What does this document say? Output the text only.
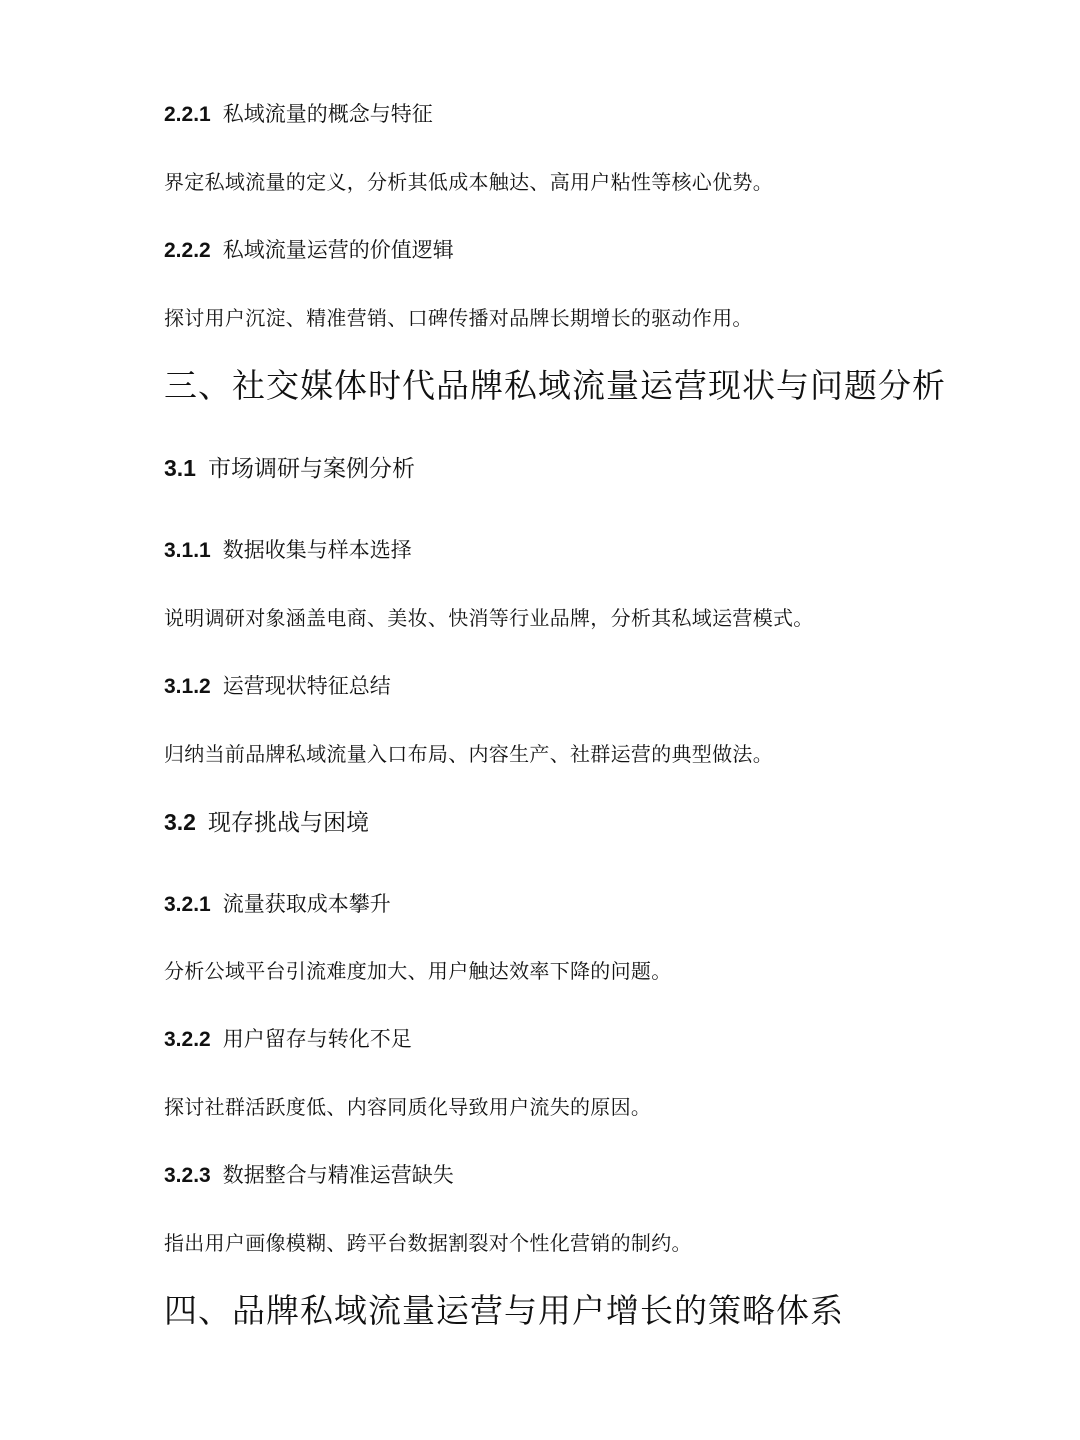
2.2.1 私域流量的概念与特征
界定私域流量的定义，分析其低成本触达、高用户粘性等核心优势。
2.2.2 私域流量运营的价值逻辑
探讨用户沉淀、精准营销、口碑传播对品牌长期增长的驱动作用。
三、社交媒体时代品牌私域流量运营现状与问题分析
3.1 市场调研与案例分析
3.1.1 数据收集与样本选择
说明调研对象涵盖电商、美妆、快消等行业品牌，分析其私域运营模式。
3.1.2 运营现状特征总结
归纳当前品牌私域流量入口布局、内容生产、社群运营的典型做法。
3.2 现存挑战与困境
3.2.1 流量获取成本攀升
分析公域平台引流难度加大、用户触达效率下降的问题。
3.2.2 用户留存与转化不足
探讨社群活跃度低、内容同质化导致用户流失的原因。
3.2.3 数据整合与精准运营缺失
指出用户画像模糊、跨平台数据割裂对个性化营销的制约。
四、品牌私域流量运营与用户增长的策略体系
